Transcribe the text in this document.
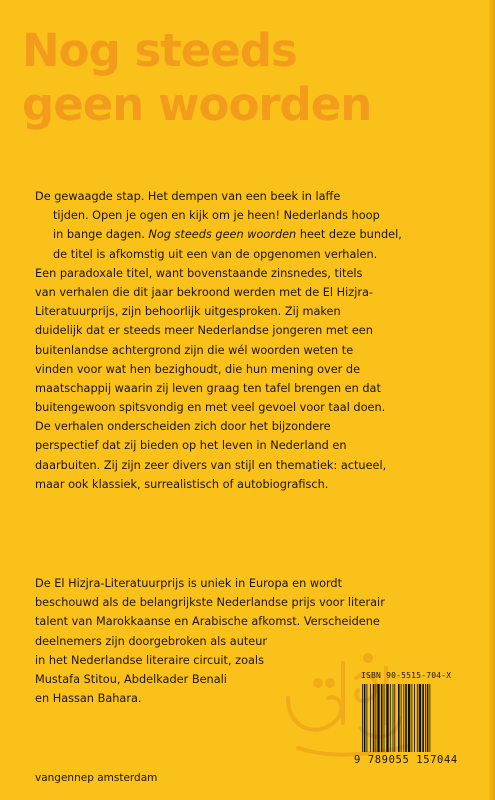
Nog steeds
geen woorden
De gewaagde stap. Het dempen van een beek in laffe
tijden. Open je ogen en kijk om je heen! Nederlands hoop
in bange dagen. Nog steeds geen woorden heet deze bundel,
de titel is afkomstig uit een van de opgenomen verhalen.
Een paradoxale titel, want bovenstaande zinsnedes, titels
van verhalen die dit jaar bekroond werden met de El Hizjra-
Literatuurprijs, zijn behoorlijk uitgesproken. Zij maken
duidelijk dat er steeds meer Nederlandse jongeren met een
buitenlandse achtergrond zijn die wél woorden weten te
vinden voor wat hen bezighoudt, die hun mening over de
maatschappij waarin zij leven graag ten tafel brengen en dat
buitengewoon spitsvondig en met veel gevoel voor taal doen.
De verhalen onderscheiden zich door het bijzondere
perspectief dat zij bieden op het leven in Nederland en
daarbuiten. Zij zijn zeer divers van stijl en thematiek: actueel,
maar ook klassiek, surrealistisch of autobiografisch.
De El Hizjra-Literatuurprijs is uniek in Europa en wordt
beschouwd als de belangrijkste Nederlandse prijs voor literair
talent van Marokkaanse en Arabische afkomst. Verscheidene
deelnemers zijn doorgebroken als auteur
in het Nederlandse literaire circuit, zoals
Mustafa Stitou, Abdelkader Benali
en Hassan Bahara.
ISBN 90-5515-704-X
9 789055 157044
vangennep amsterdam
